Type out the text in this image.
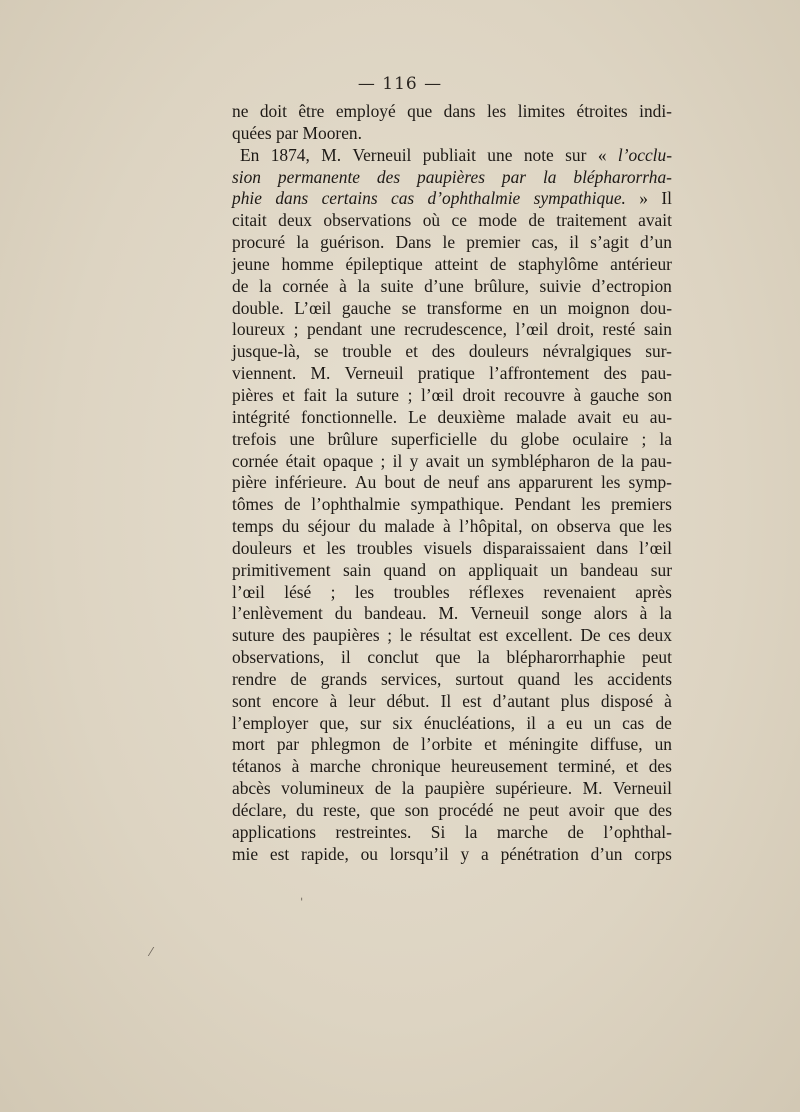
— 116 —
ne doit être employé que dans les limites étroites indi-
quées
par
Mooren.
En 1874, M. Verneuil publiait une note sur « l’occlu-
sion permanente des paupières par la blépharorrha-
phie dans certains cas d’ophthalmie sympathique. » Il
citait deux observations où ce mode de traitement avait
procuré la guérison. Dans le premier cas, il s’agit d’un
jeune homme épileptique atteint de staphylôme antérieur
de la cornée à la suite d’une brûlure, suivie d’ectropion
double. L’œil gauche se transforme en un moignon dou-
loureux ; pendant une recrudescence, l’œil droit, resté sain
jusque-là, se trouble et des douleurs névralgiques sur-
viennent. M. Verneuil pratique l’affrontement des pau-
pières et fait la suture ; l’œil droit recouvre à gauche son
intégrité fonctionnelle. Le deuxième malade avait eu au-
trefois une brûlure superficielle du globe oculaire ; la
cornée était opaque ; il y avait un symblépharon de la pau-
pière inférieure. Au bout de neuf ans apparurent les symp-
tômes de l’ophthalmie sympathique. Pendant les premiers
temps du séjour du malade à l’hôpital, on observa que les
douleurs et les troubles visuels disparaissaient dans l’œil
primitivement sain quand on appliquait un bandeau sur
l’œil lésé ; les troubles réflexes revenaient après
l’enlèvement du bandeau. M. Verneuil songe alors à la
suture des paupières ; le résultat est excellent. De ces deux
observations, il conclut que la blépharorrhaphie peut
rendre de grands services, surtout quand les accidents
sont encore à leur début. Il est d’autant plus disposé à
l’employer que, sur six énucléations, il a eu un cas de
mort par phlegmon de l’orbite et méningite diffuse, un
tétanos à marche chronique heureusement terminé, et des
abcès volumineux de la paupière supérieure. M. Verneuil
déclare, du reste, que son procédé ne peut avoir que des
applications restreintes. Si la marche de l’ophthal-
mie est rapide, ou lorsqu’il y a pénétration d’un corps
ˌ
⁄
